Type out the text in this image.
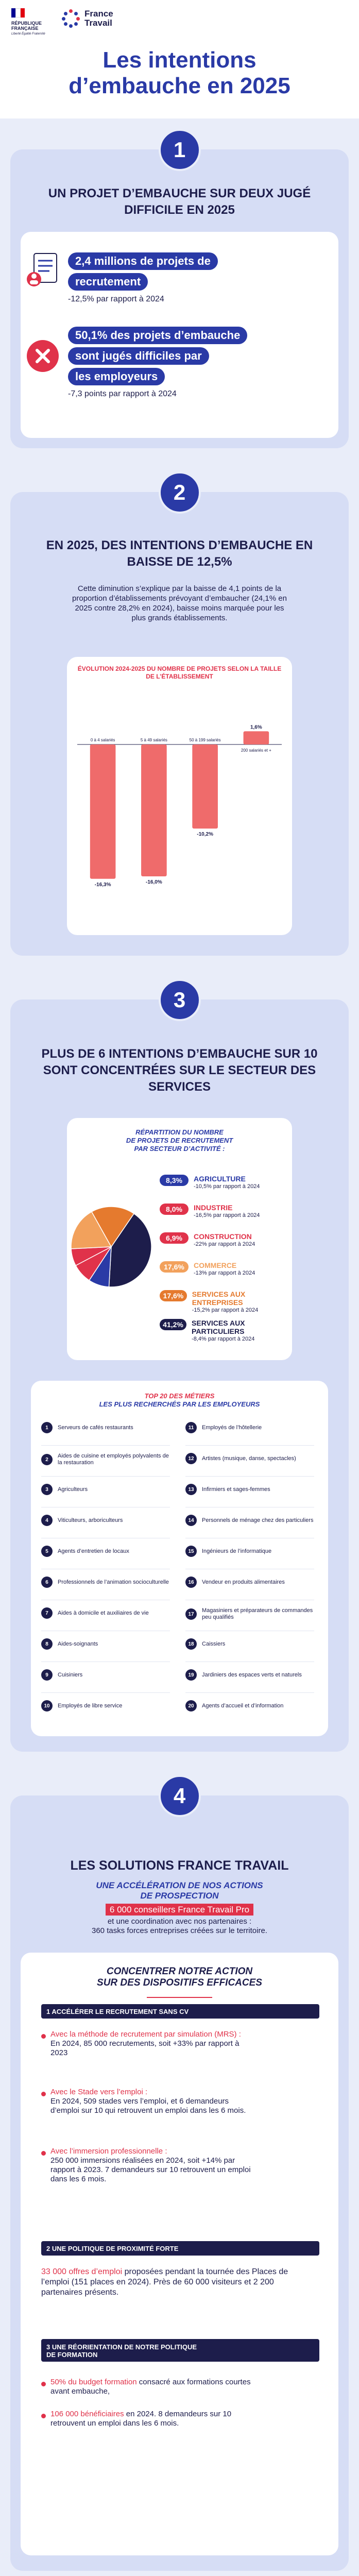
RÉPUBLIQUE
FRANÇAISE
Liberté Égalité Fraternité
France
Travail
Les intentions
d’embauche en 2025
1
UN PROJET D’EMBAUCHE SUR DEUX JUGÉ DIFFICILE EN 2025
2,4 millions de projets de
recrutement
-12,5% par rapport à 2024
50,1% des projets d’embauche
sont jugés difficiles par
les employeurs
-7,3 points par rapport à 2024
2
EN 2025, DES INTENTIONS D’EMBAUCHE EN BAISSE DE 12,5%
Cette diminution s’explique par la baisse de 4,1 points de la proportion d’établissements prévoyant d’embaucher (24,1% en 2025 contre 28,2% en 2024), baisse moins marquée pour les plus grands établissements.
ÉVOLUTION 2024-2025 DU NOMBRE DE PROJETS SELON LA TAILLE DE L’ÉTABLISSEMENT
-16,3%
0 à 4 salariés
-16,0%
5 à 49 salariés
-10,2%
50 à 199 salariés
1,6%
200 salariés et +
3
PLUS DE 6 INTENTIONS D’EMBAUCHE SUR 10 SONT CONCENTRÉES SUR LE SECTEUR DES SERVICES
RÉPARTITION DU NOMBRE
DE PROJETS DE RECRUTEMENT
PAR SECTEUR D’ACTIVITÉ :
8,3%	AGRICULTURE
-10,5% par rapport à 2024
8,0%	INDUSTRIE
-16,5% par rapport à 2024
6,9%	CONSTRUCTION
-22% par rapport à 2024
17,6%	COMMERCE
-13% par rapport à 2024
17,6%	SERVICES AUX ENTREPRISES
-15,2% par rapport à 2024
41,2%	SERVICES AUX PARTICULIERS
-8,4% par rapport à 2024
TOP 20 DES MÉTIERS
LES PLUS RECHERCHÉS PAR LES EMPLOYEURS
1	Serveurs de cafés restaurants
2
Aides de cuisine et employés polyvalents de la restauration
3	Agriculteurs
4	Viticulteurs, arboriculteurs
5	Agents d’entretien de locaux
6	Professionnels de l’animation socioculturelle
7	Aides à domicile et auxiliaires de vie
8	Aides-soignants
9	Cuisiniers
10	Employés de libre service
11	Employés de l’hôtellerie
12	Artistes (musique, danse, spectacles)
13	Infirmiers et sages-femmes
14	Personnels de ménage chez des particuliers
15	Ingénieurs de l’informatique
16	Vendeur en produits alimentaires
17
Magasiniers et préparateurs de commandes peu qualifiés
18	Caissiers
19	Jardiniers des espaces verts et naturels
20	Agents d’accueil et d’information
4
LES SOLUTIONS FRANCE TRAVAIL
UNE ACCÉLÉRATION DE NOS ACTIONS
DE PROSPECTION
6 000 conseillers France Travail Pro
et une coordination avec nos partenaires :
360 tasks forces entreprises créées sur le territoire.
CONCENTRER NOTRE ACTION
SUR DES DISPOSITIFS EFFICACES
1 ACCÉLÉRER LE RECRUTEMENT SANS CV
Avec la méthode de recrutement par simulation (MRS) :
En 2024, 85 000 recrutements, soit +33% par rapport à 2023
Avec le Stade vers l’emploi :
En 2024, 509 stades vers l’emploi, et 6 demandeurs d’emploi sur 10 qui retrouvent un emploi dans les 6 mois.
Avec l’immersion professionnelle :
250 000 immersions réalisées en 2024, soit +14% par rapport à 2023. 7 demandeurs sur 10 retrouvent un emploi dans les 6 mois.
2 UNE POLITIQUE DE PROXIMITÉ FORTE
33 000 offres d’emploi proposées pendant la tournée des Places de l’emploi (151 places en 2024). Près de 60 000 visiteurs et 2 200 partenaires présents.
3 UNE RÉORIENTATION DE NOTRE POLITIQUE
DE FORMATION
50% du budget formation consacré aux formations courtes avant embauche,
106 000 bénéficiaires en 2024. 8 demandeurs sur 10 retrouvent un emploi dans les 6 mois.
